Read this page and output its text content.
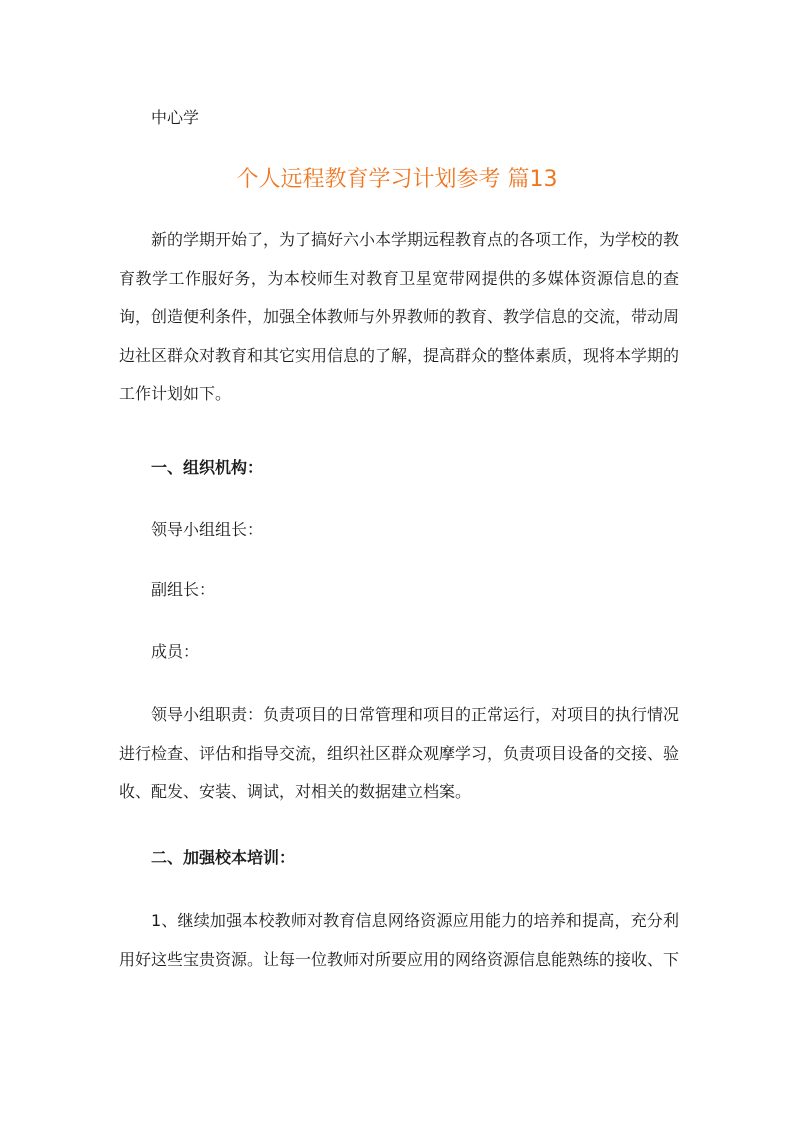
中心学
个人远程教育学习计划参考 篇13
新的学期开始了，为了搞好六小本学期远程教育点的各项工作，为学校的教育教学工作服好务，为本校师生对教育卫星宽带网提供的多媒体资源信息的查询，创造便利条件，加强全体教师与外界教师的教育、教学信息的交流，带动周边社区群众对教育和其它实用信息的了解，提高群众的整体素质，现将本学期的工作计划如下。
一、组织机构：
领导小组组长：
副组长：
成员：
领导小组职责：负责项目的日常管理和项目的正常运行，对项目的执行情况进行检查、评估和指导交流，组织社区群众观摩学习，负责项目设备的交接、验收、配发、安装、调试，对相关的数据建立档案。
二、加强校本培训：
1、继续加强本校教师对教育信息网络资源应用能力的培养和提高，充分利用好这些宝贵资源。让每一位教师对所要应用的网络资源信息能熟练的接收、下
